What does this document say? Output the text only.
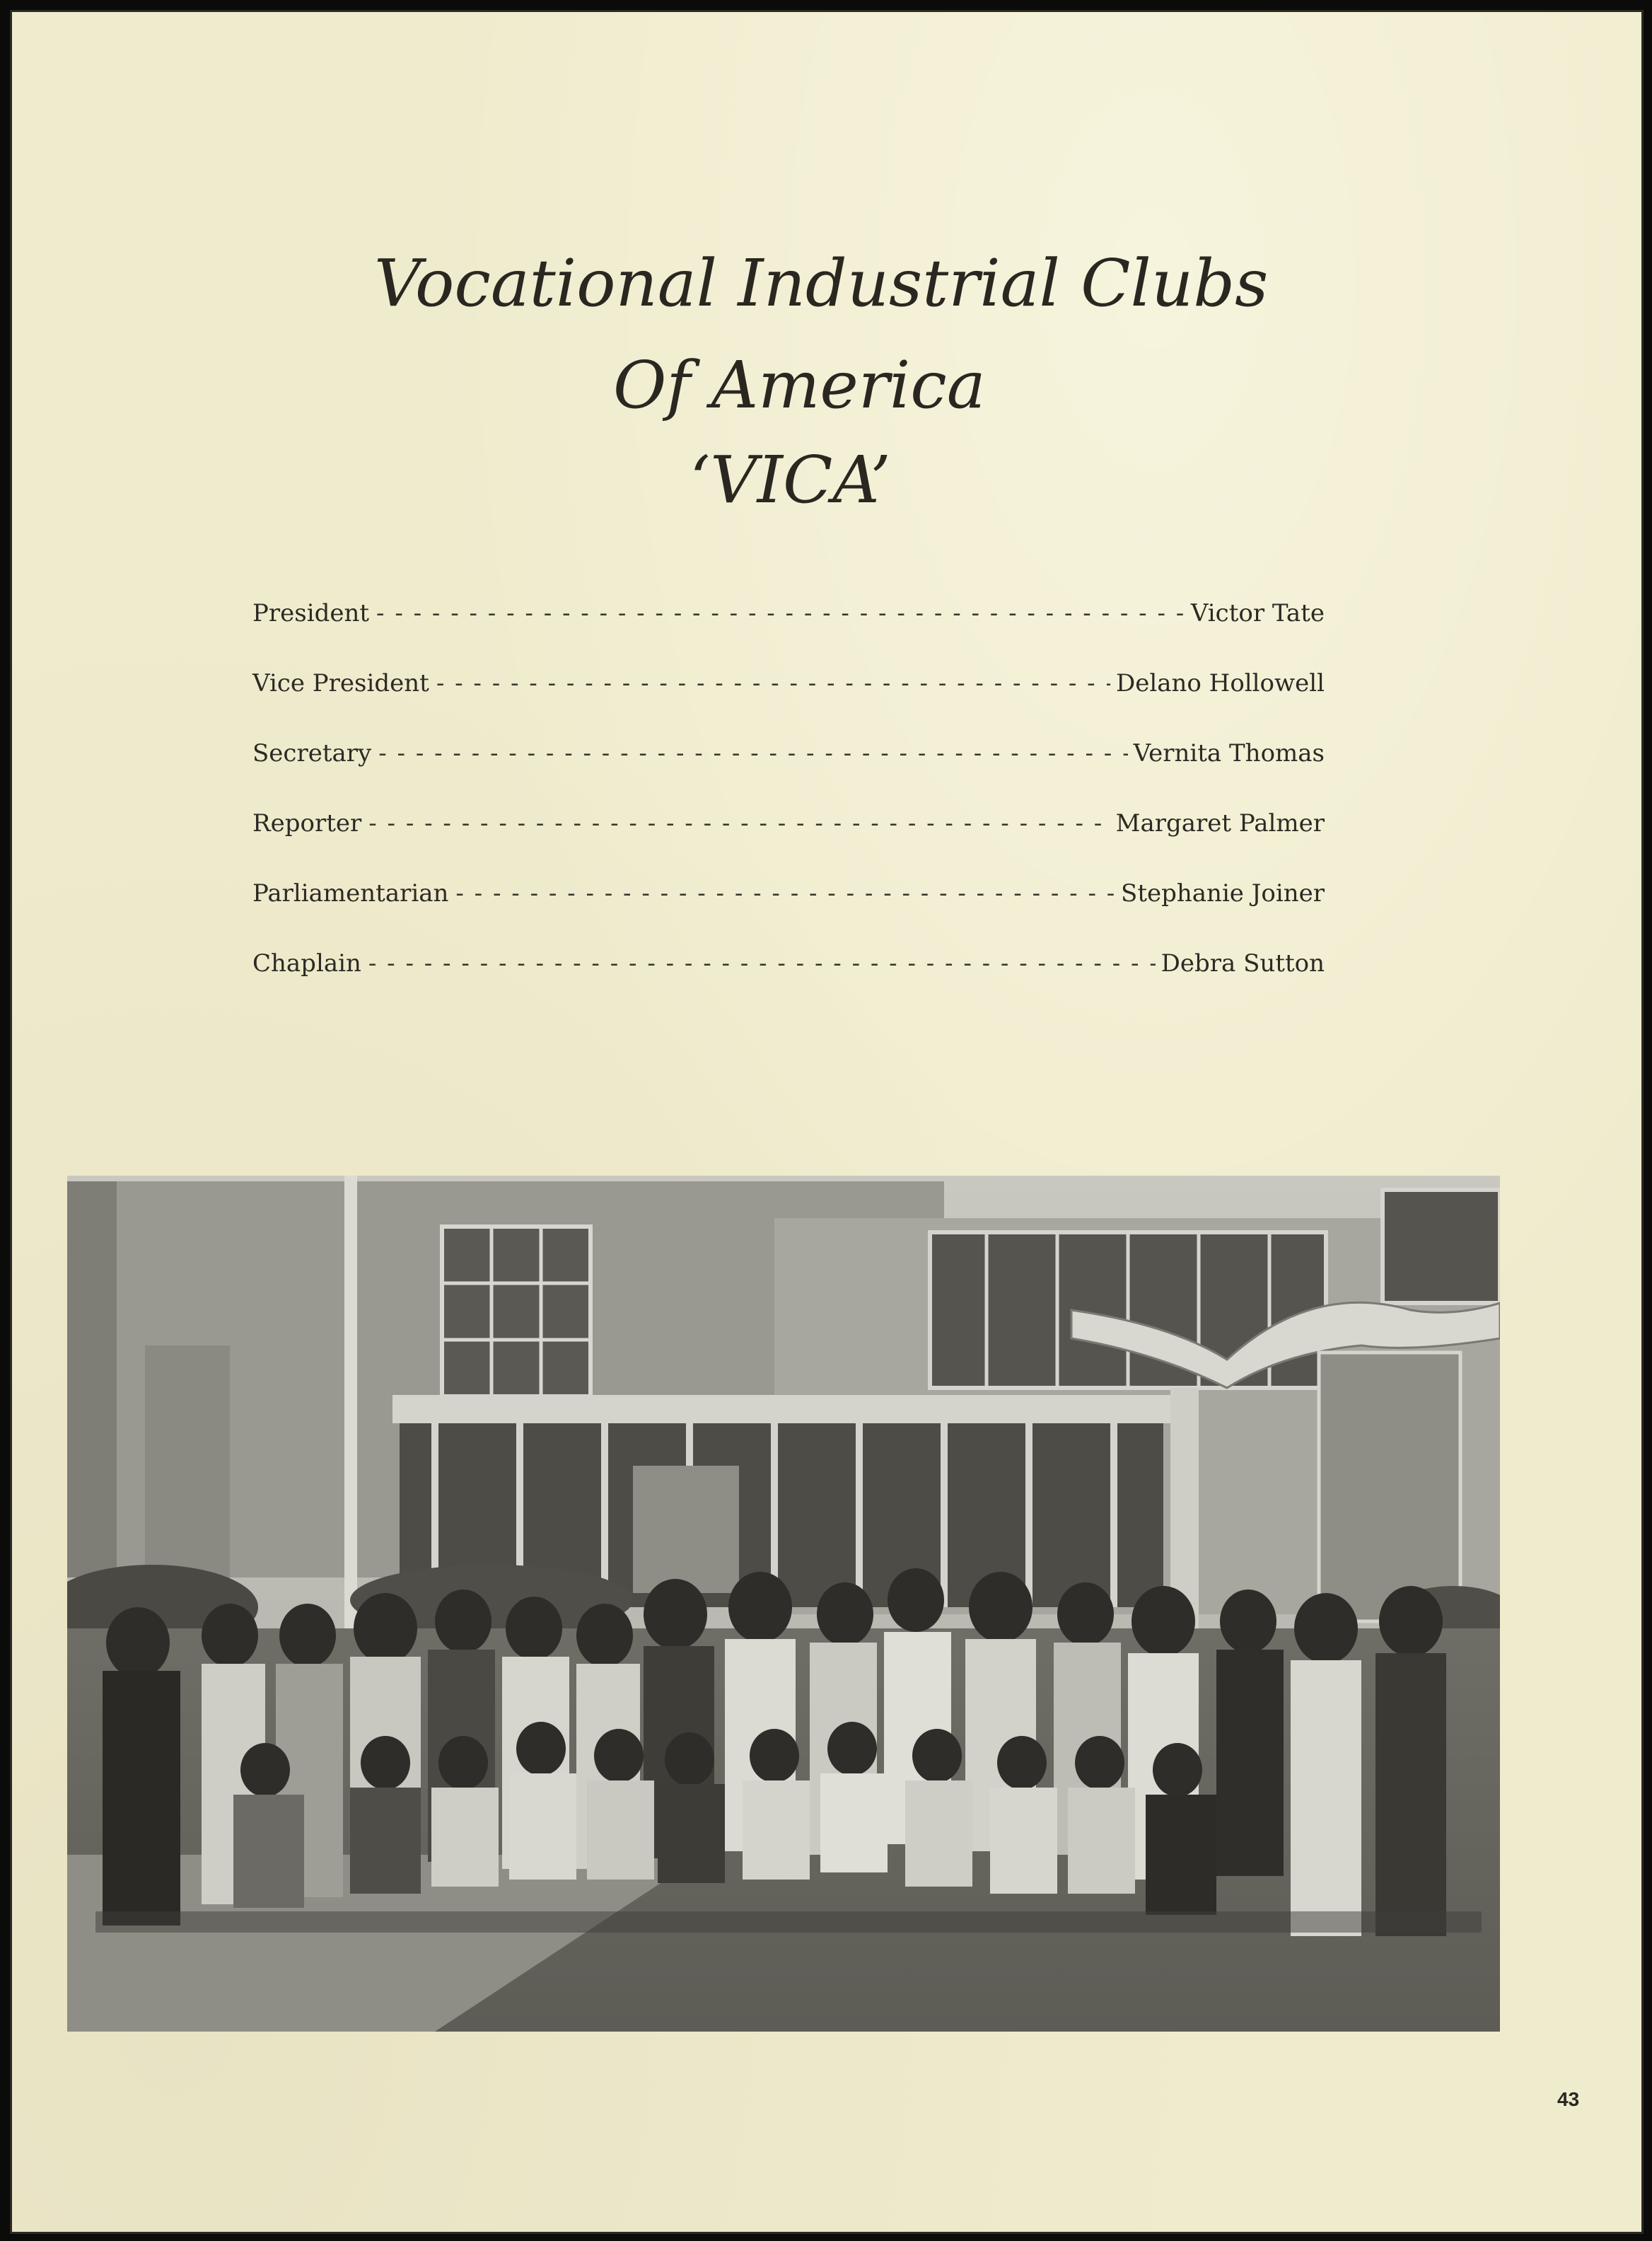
Vocational Industrial Clubs
Of America
‘VICA’
President - - -	Victor Tate
Vice President - - -	Delano Hollowell
Secretary - - -	Vernita Thomas
Reporter - - -	Margaret Palmer
Parliamentarian - - -	Stephanie Joiner
Chaplain - - -	Debra Sutton
43
